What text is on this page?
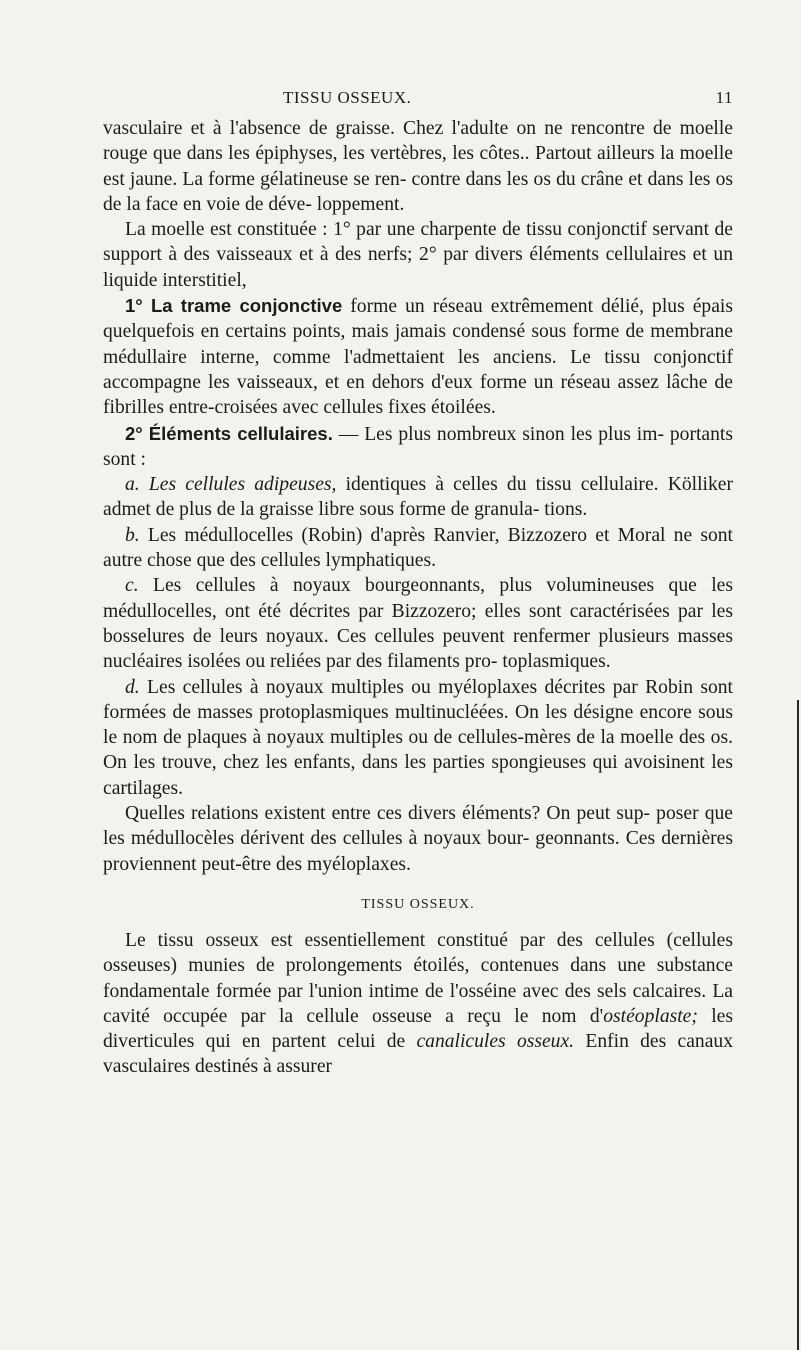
TISSU OSSEUX.	11

vasculaire et à l'absence de graisse. Chez l'adulte on ne rencontre de moelle rouge que dans les épiphyses, les vertèbres, les côtes.. Partout ailleurs la moelle est jaune. La forme gélatineuse se ren- contre dans les os du crâne et dans les os de la face en voie de déve- loppement.

La moelle est constituée : 1° par une charpente de tissu conjonctif servant de support à des vaisseaux et à des nerfs; 2° par divers éléments cellulaires et un liquide interstitiel,

1° La trame conjonctive forme un réseau extrêmement délié, plus épais quelquefois en certains points, mais jamais condensé sous forme de membrane médullaire interne, comme l'admettaient les anciens. Le tissu conjonctif accompagne les vaisseaux, et en dehors d'eux forme un réseau assez lâche de fibrilles entre-croisées avec cellules fixes étoilées.

2° Éléments cellulaires. — Les plus nombreux sinon les plus im- portants sont :

a. Les cellules adipeuses, identiques à celles du tissu cellulaire. Kölliker admet de plus de la graisse libre sous forme de granula- tions.

b. Les médullocelles (Robin) d'après Ranvier, Bizzozero et Moral ne sont autre chose que des cellules lymphatiques.

c. Les cellules à noyaux bourgeonnants, plus volumineuses que les médullocelles, ont été décrites par Bizzozero; elles sont caractérisées par les bosselures de leurs noyaux. Ces cellules peuvent renfermer plusieurs masses nucléaires isolées ou reliées par des filaments pro- toplasmiques.

d. Les cellules à noyaux multiples ou myéloplaxes décrites par Robin sont formées de masses protoplasmiques multinucléées. On les désigne encore sous le nom de plaques à noyaux multiples ou de cellules-mères de la moelle des os. On les trouve, chez les enfants, dans les parties spongieuses qui avoisinent les cartilages.

Quelles relations existent entre ces divers éléments? On peut sup- poser que les médullocèles dérivent des cellules à noyaux bour- geonnants. Ces dernières proviennent peut-être des myéloplaxes.

TISSU OSSEUX.

Le tissu osseux est essentiellement constitué par des cellules (cellules osseuses) munies de prolongements étoilés, contenues dans une substance fondamentale formée par l'union intime de l'osséine avec des sels calcaires. La cavité occupée par la cellule osseuse a reçu le nom d'ostéoplaste; les diverticules qui en partent celui de canalicules osseux. Enfin des canaux vasculaires destinés à assurer
